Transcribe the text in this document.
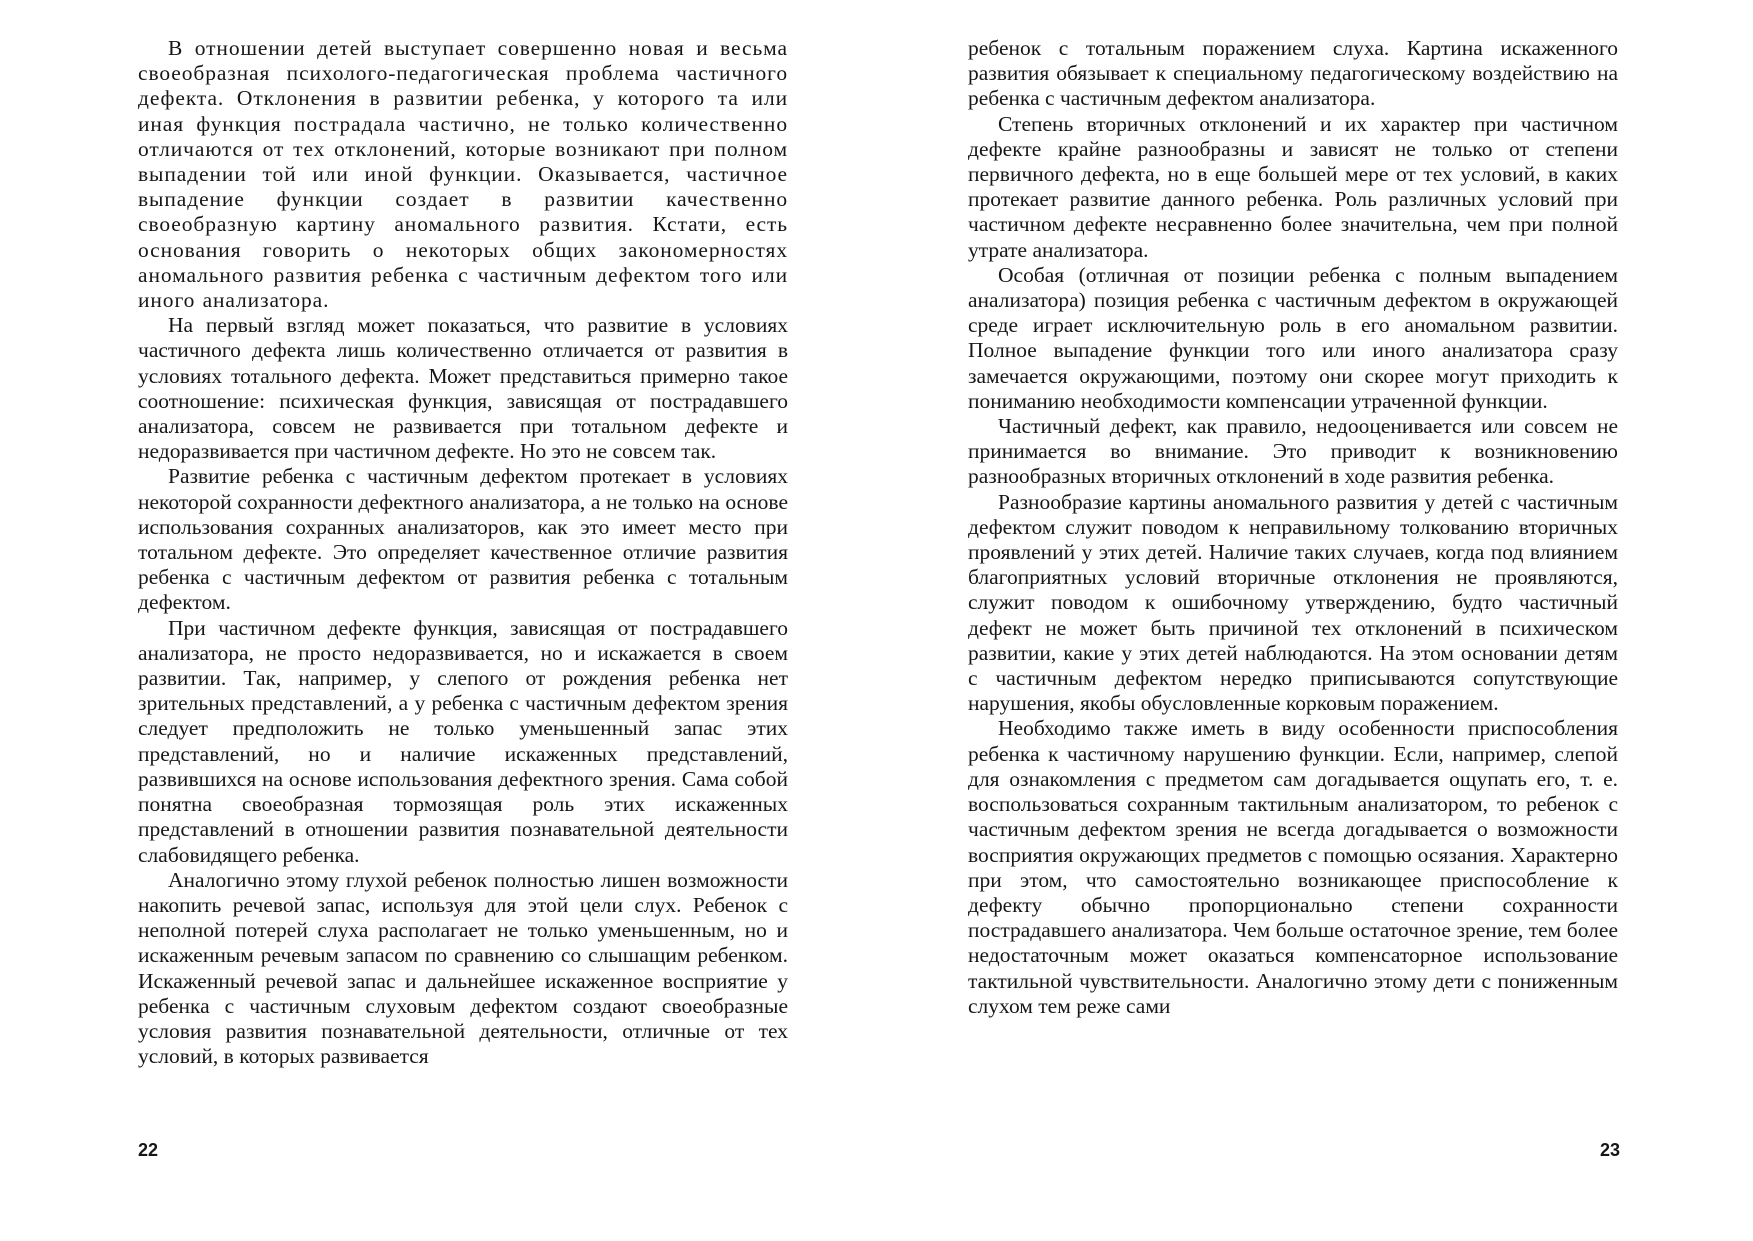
В отношении детей выступает совершенно новая и весьма своеобразная психолого-педагогическая проблема частичного дефекта. Отклонения в развитии ребенка, у которого та или иная функция пострадала частично, не только количественно отличаются от тех отклонений, которые возникают при полном выпадении той или иной функции. Оказывается, частичное выпадение функции создает в развитии качественно своеобразную картину аномального развития. Кстати, есть основания говорить о некоторых общих закономерностях аномального развития ребенка с частичным дефектом того или иного анализатора.

На первый взгляд может показаться, что развитие в условиях частичного дефекта лишь количественно отличается от развития в условиях тотального дефекта. Может представиться примерно такое соотношение: психическая функция, зависящая от пострадавшего анализатора, совсем не развивается при тотальном дефекте и недоразвивается при частичном дефекте. Но это не совсем так.

Развитие ребенка с частичным дефектом протекает в условиях некоторой сохранности дефектного анализатора, а не только на основе использования сохранных анализаторов, как это имеет место при тотальном дефекте. Это определяет качественное отличие развития ребенка с частичным дефектом от развития ребенка с тотальным дефектом.

При частичном дефекте функция, зависящая от пострадавшего анализатора, не просто недоразвивается, но и искажается в своем развитии. Так, например, у слепого от рождения ребенка нет зрительных представлений, а у ребенка с частичным дефектом зрения следует предположить не только уменьшенный запас этих представлений, но и наличие искаженных представлений, развившихся на основе использования дефектного зрения. Сама собой понятна своеобразная тормозящая роль этих искаженных представлений в отношении развития познавательной деятельности слабовидящего ребенка.

Аналогично этому глухой ребенок полностью лишен возможности накопить речевой запас, используя для этой цели слух. Ребенок с неполной потерей слуха располагает не только уменьшенным, но и искаженным речевым запасом по сравнению со слышащим ребенком. Искаженный речевой запас и дальнейшее искаженное восприятие у ребенка с частичным слуховым дефектом создают своеобразные условия развития познавательной деятельности, отличные от тех условий, в которых развивается

22

ребенок с тотальным поражением слуха. Картина искаженного развития обязывает к специальному педагогическому воздействию на ребенка с частичным дефектом анализатора.

Степень вторичных отклонений и их характер при частичном дефекте крайне разнообразны и зависят не только от степени первичного дефекта, но в еще большей мере от тех условий, в каких протекает развитие данного ребенка. Роль различных условий при частичном дефекте несравненно более значительна, чем при полной утрате анализатора.

Особая (отличная от позиции ребенка с полным выпадением анализатора) позиция ребенка с частичным дефектом в окружающей среде играет исключительную роль в его аномальном развитии. Полное выпадение функции того или иного анализатора сразу замечается окружающими, поэтому они скорее могут приходить к пониманию необходимости компенсации утраченной функции.

Частичный дефект, как правило, недооценивается или совсем не принимается во внимание. Это приводит к возникновению разнообразных вторичных отклонений в ходе развития ребенка.

Разнообразие картины аномального развития у детей с частичным дефектом служит поводом к неправильному толкованию вторичных проявлений у этих детей. Наличие таких случаев, когда под влиянием благоприятных условий вторичные отклонения не проявляются, служит поводом к ошибочному утверждению, будто частичный дефект не может быть причиной тех отклонений в психическом развитии, какие у этих детей наблюдаются. На этом основании детям с частичным дефектом нередко приписываются сопутствующие нарушения, якобы обусловленные корковым поражением.

Необходимо также иметь в виду особенности приспособления ребенка к частичному нарушению функции. Если, например, слепой для ознакомления с предметом сам догадывается ощупать его, т. е. воспользоваться сохранным тактильным анализатором, то ребенок с частичным дефектом зрения не всегда догадывается о возможности восприятия окружающих предметов с помощью осязания. Характерно при этом, что самостоятельно возникающее приспособление к дефекту обычно пропорционально степени сохранности пострадавшего анализатора. Чем больше остаточное зрение, тем более недостаточным может оказаться компенсаторное использование тактильной чувствительности. Аналогично этому дети с пониженным слухом тем реже сами

23
